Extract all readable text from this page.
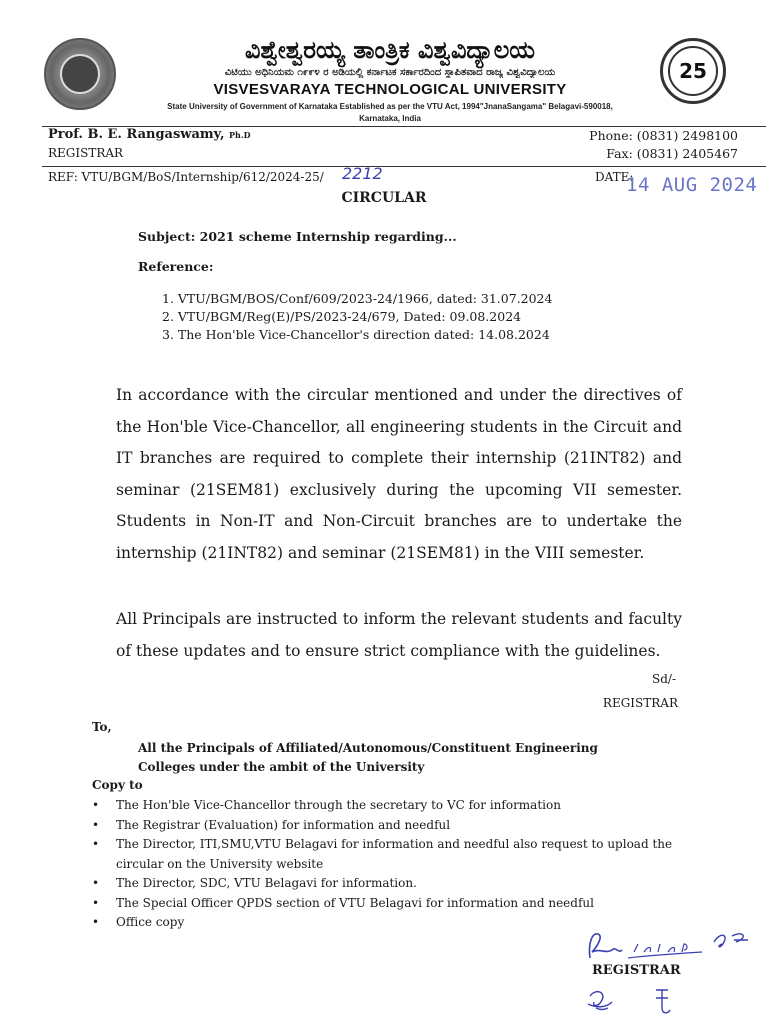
25
ವಿಶ್ವೇಶ್ವರಯ್ಯ ತಾಂತ್ರಿಕ ವಿಶ್ವವಿದ್ಯಾಲಯ
ವಿಟಿಯು ಅಧಿನಿಯಮ ೧೯೯೪ ರ ಅಡಿಯಲ್ಲಿ ಕರ್ನಾಟಕ ಸರ್ಕಾರದಿಂದ ಸ್ಥಾಪಿತವಾದ ರಾಜ್ಯ ವಿಶ್ವವಿದ್ಯಾಲಯ
VISVESVARAYA TECHNOLOGICAL UNIVERSITY
State University of Government of Karnataka Established as per the VTU Act, 1994"JnanaSangama" Belagavi-590018, Karnataka, India
Prof. B. E. Rangaswamy, Ph.D
REGISTRAR
Phone: (0831) 2498100
Fax: (0831) 2405467
REF: VTU/BGM/BoS/Internship/612/2024-25/ 2212	DATE:
14 AUG 2024
CIRCULAR
Subject: 2021 scheme Internship regarding...
Reference:
1. VTU/BGM/BOS/Conf/609/2023-24/1966, dated: 31.07.2024
2. VTU/BGM/Reg(E)/PS/2023-24/679, Dated: 09.08.2024
3. The Hon'ble Vice-Chancellor's direction dated: 14.08.2024
In accordance with the circular mentioned and under the directives of the Hon'ble Vice-Chancellor, all engineering students in the Circuit and IT branches are required to complete their internship (21INT82) and seminar (21SEM81) exclusively during the upcoming VII semester. Students in Non-IT and Non-Circuit branches are to undertake the internship (21INT82) and seminar (21SEM81) in the VIII semester.
All Principals are instructed to inform the relevant students and faculty of these updates and to ensure strict compliance with the guidelines.
Sd/-
REGISTRAR
To,
All the Principals of Affiliated/Autonomous/Constituent Engineering Colleges under the ambit of the University
Copy to
• The Hon'ble Vice-Chancellor through the secretary to VC for information
• The Registrar (Evaluation) for information and needful
• The Director, ITI,SMU,VTU Belagavi for information and needful also request to upload the circular on the University website
• The Director, SDC, VTU Belagavi for information.
• The Special Officer QPDS section of VTU Belagavi for information and needful
• Office copy
REGISTRAR
